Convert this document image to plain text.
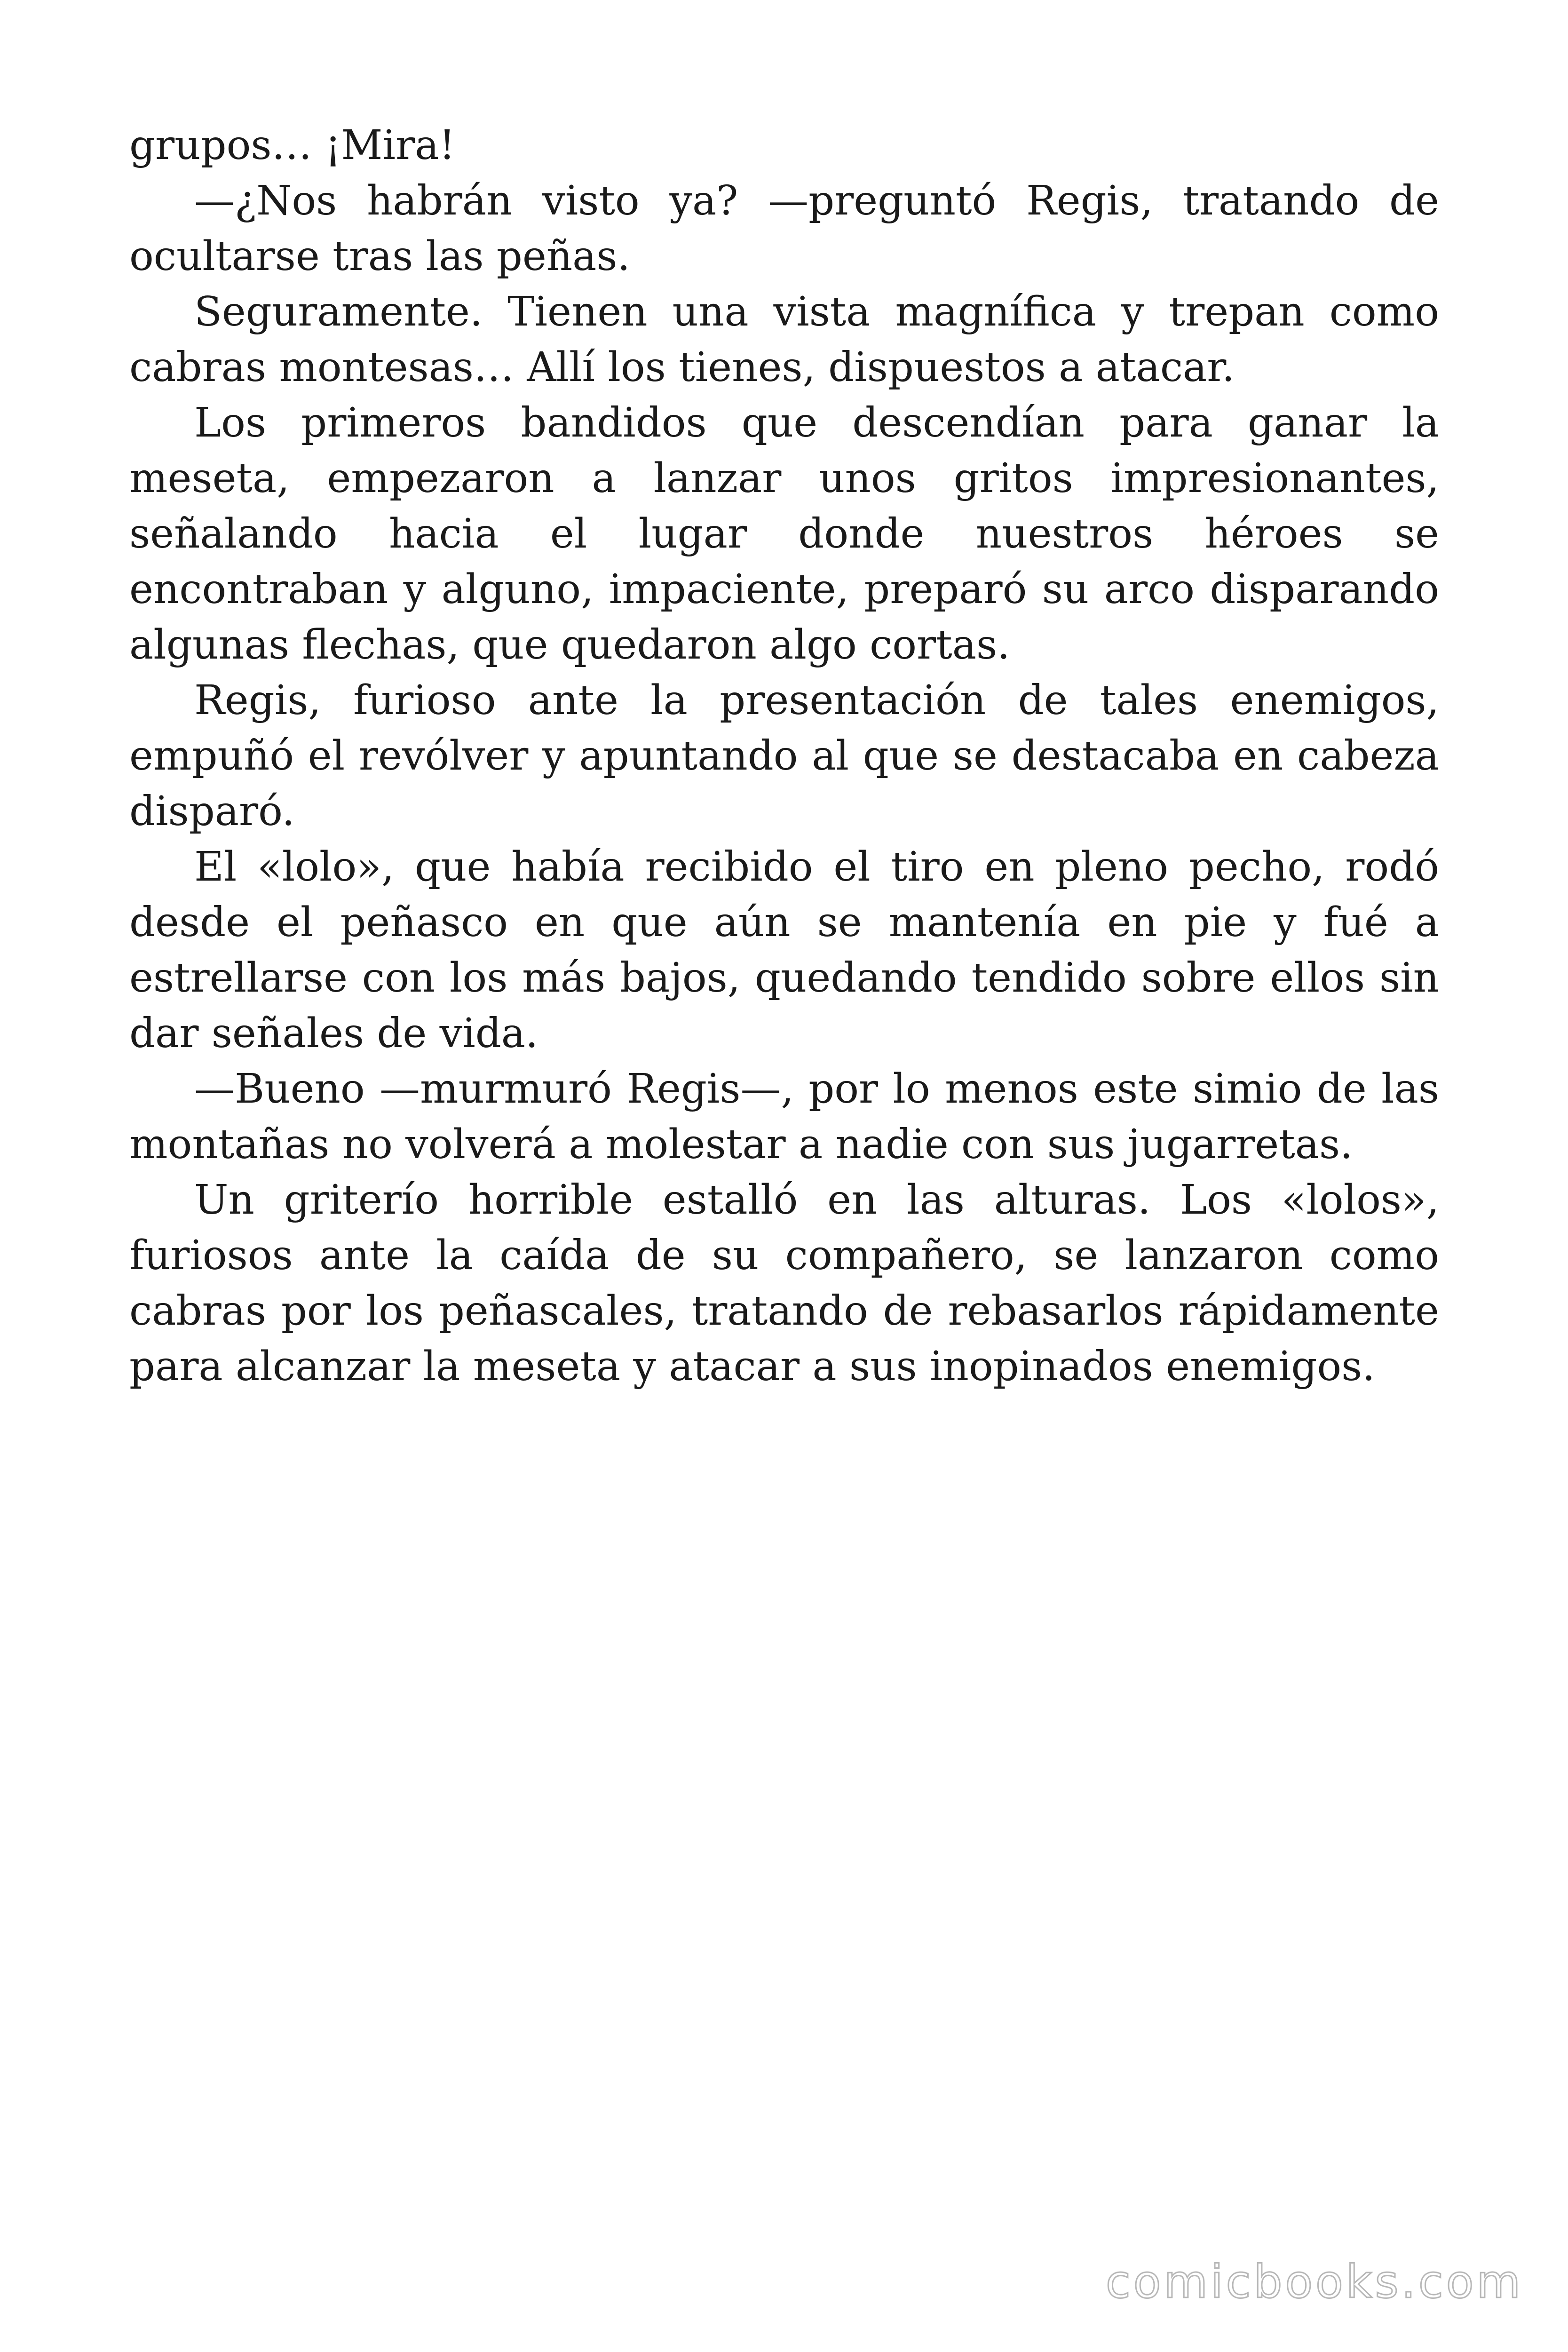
grupos… ¡Mira!

—¿Nos habrán visto ya? —preguntó Regis, tratando de ocultarse tras las peñas.

Seguramente. Tienen una vista magnífica y trepan como cabras montesas… Allí los tienes, dispuestos a atacar.

Los primeros bandidos que descendían para ganar la meseta, empezaron a lanzar unos gritos impresionantes, señalando hacia el lugar donde nuestros héroes se encontraban y alguno, impaciente, preparó su arco disparando algunas flechas, que quedaron algo cortas.

Regis, furioso ante la presentación de tales enemigos, empuñó el revólver y apuntando al que se destacaba en cabeza disparó.

El «lolo», que había recibido el tiro en pleno pecho, rodó desde el peñasco en que aún se mantenía en pie y fué a estrellarse con los más bajos, quedando tendido sobre ellos sin dar señales de vida.

—Bueno —murmuró Regis—, por lo menos este simio de las montañas no volverá a molestar a nadie con sus jugarretas.

Un griterío horrible estalló en las alturas. Los «lolos», furiosos ante la caída de su compañero, se lanzaron como cabras por los peñascales, tratando de rebasarlos rápidamente para alcanzar la meseta y atacar a sus inopinados enemigos.

comicbooks.com
